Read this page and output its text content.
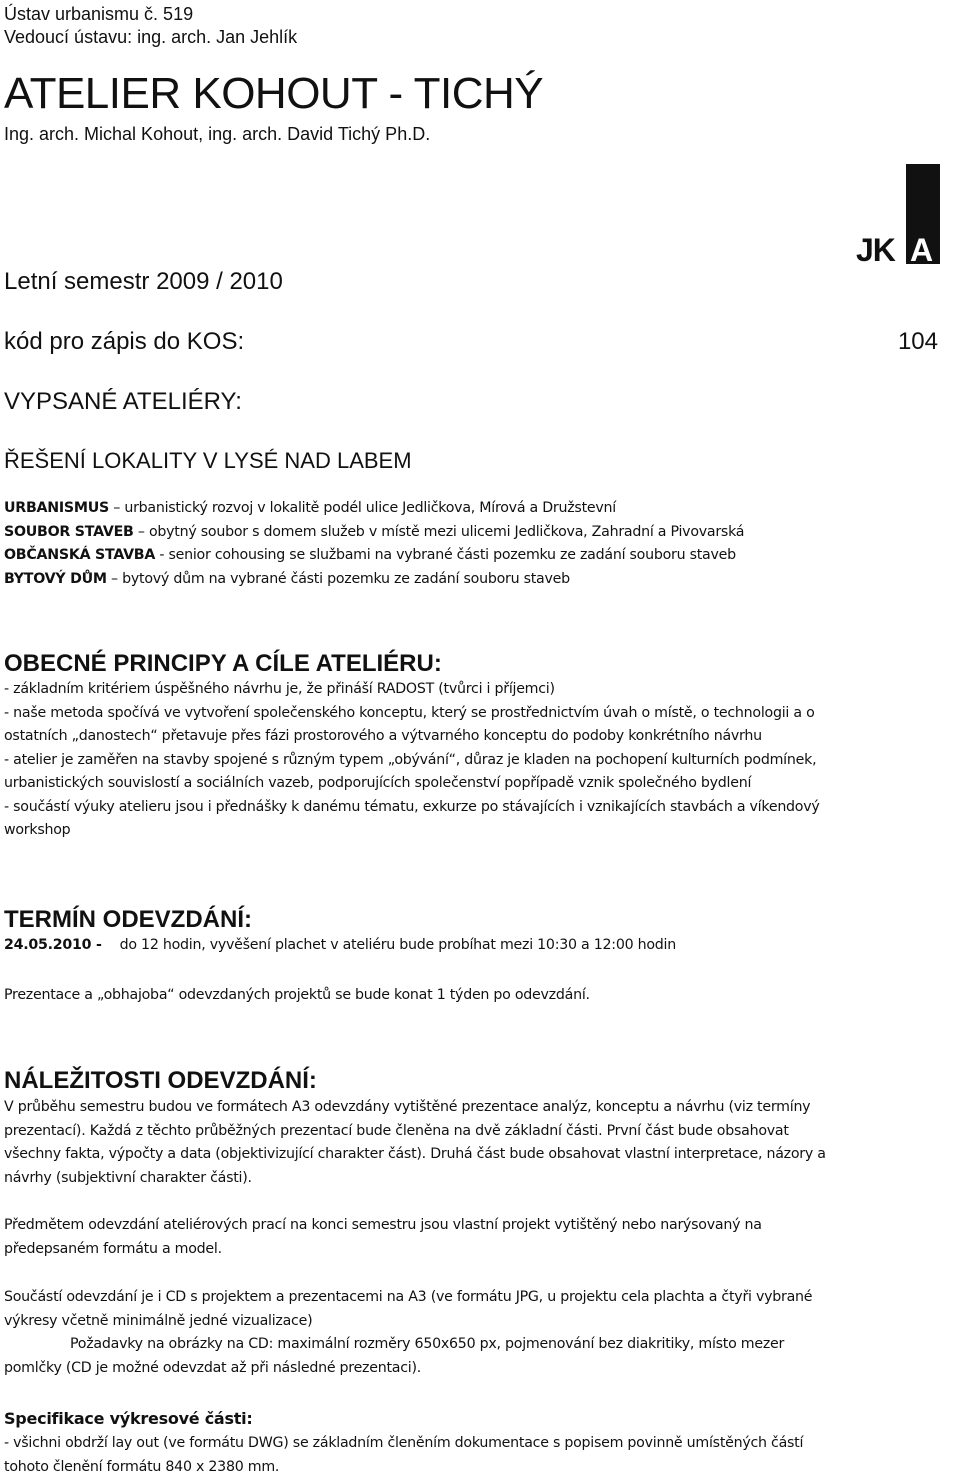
Ústav urbanismu č. 519
Vedoucí ústavu: ing. arch. Jan Jehlík
ATELIER KOHOUT - TICHÝ
Ing. arch. Michal Kohout, ing. arch. David Tichý Ph.D.
JK A
Letní semestr 2009 / 2010
kód pro zápis do KOS:	104
VYPSANÉ ATELIÉRY:
ŘEŠENÍ LOKALITY V LYSÉ NAD LABEM
URBANISMUS – urbanistický rozvoj v lokalitě podél ulice Jedličkova, Mírová a Družstevní
SOUBOR STAVEB – obytný soubor s domem služeb v místě mezi ulicemi Jedličkova, Zahradní a Pivovarská
OBČANSKÁ STAVBA - senior cohousing se službami na vybrané části pozemku ze zadání souboru staveb
BYTOVÝ DŮM – bytový dům na vybrané části pozemku ze zadání souboru staveb
OBECNÉ PRINCIPY A CÍLE ATELIÉRU:
- základním kritériem úspěšného návrhu je, že přináší RADOST (tvůrci i příjemci)
- naše metoda spočívá ve vytvoření společenského konceptu, který se prostřednictvím úvah o místě, o technologii a o
ostatních „danostech“ přetavuje přes fázi prostorového a výtvarného konceptu do podoby konkrétního návrhu
- atelier je zaměřen na stavby spojené s různým typem „obývání“, důraz je kladen na pochopení kulturních podmínek,
urbanistických souvislostí a sociálních vazeb, podporujících společenství popřípadě vznik společného bydlení
- součástí výuky atelieru jsou i přednášky k danému tématu, exkurze po stávajících i vznikajících stavbách a víkendový
workshop
TERMÍN ODEVZDÁNÍ:
24.05.2010 - do 12 hodin, vyvěšení plachet v ateliéru bude probíhat mezi 10:30 a 12:00 hodin
Prezentace a „obhajoba“ odevzdaných projektů se bude konat 1 týden po odevzdání.
NÁLEŽITOSTI ODEVZDÁNÍ:
V průběhu semestru budou ve formátech A3 odevzdány vytištěné prezentace analýz, konceptu a návrhu (viz termíny
prezentací). Každá z těchto průběžných prezentací bude členěna na dvě základní části. První část bude obsahovat
všechny fakta, výpočty a data (objektivizující charakter část). Druhá část bude obsahovat vlastní interpretace, názory a
návrhy (subjektivní charakter části).
Předmětem odevzdání ateliérových prací na konci semestru jsou vlastní projekt vytištěný nebo narýsovaný na
předepsaném formátu a model.
Součástí odevzdání je i CD s projektem a prezentacemi na A3 (ve formátu JPG, u projektu cela plachta a čtyři vybrané
výkresy včetně minimálně jedné vizualizace)
Požadavky na obrázky na CD: maximální rozměry 650x650 px, pojmenování bez diakritiky, místo mezer
pomlčky (CD je možné odevzdat až při následné prezentaci).
Specifikace výkresové části:
- všichni obdrží lay out (ve formátu DWG) se základním členěním dokumentace s popisem povinně umístěných částí
tohoto členění formátu 840 x 2380 mm.
